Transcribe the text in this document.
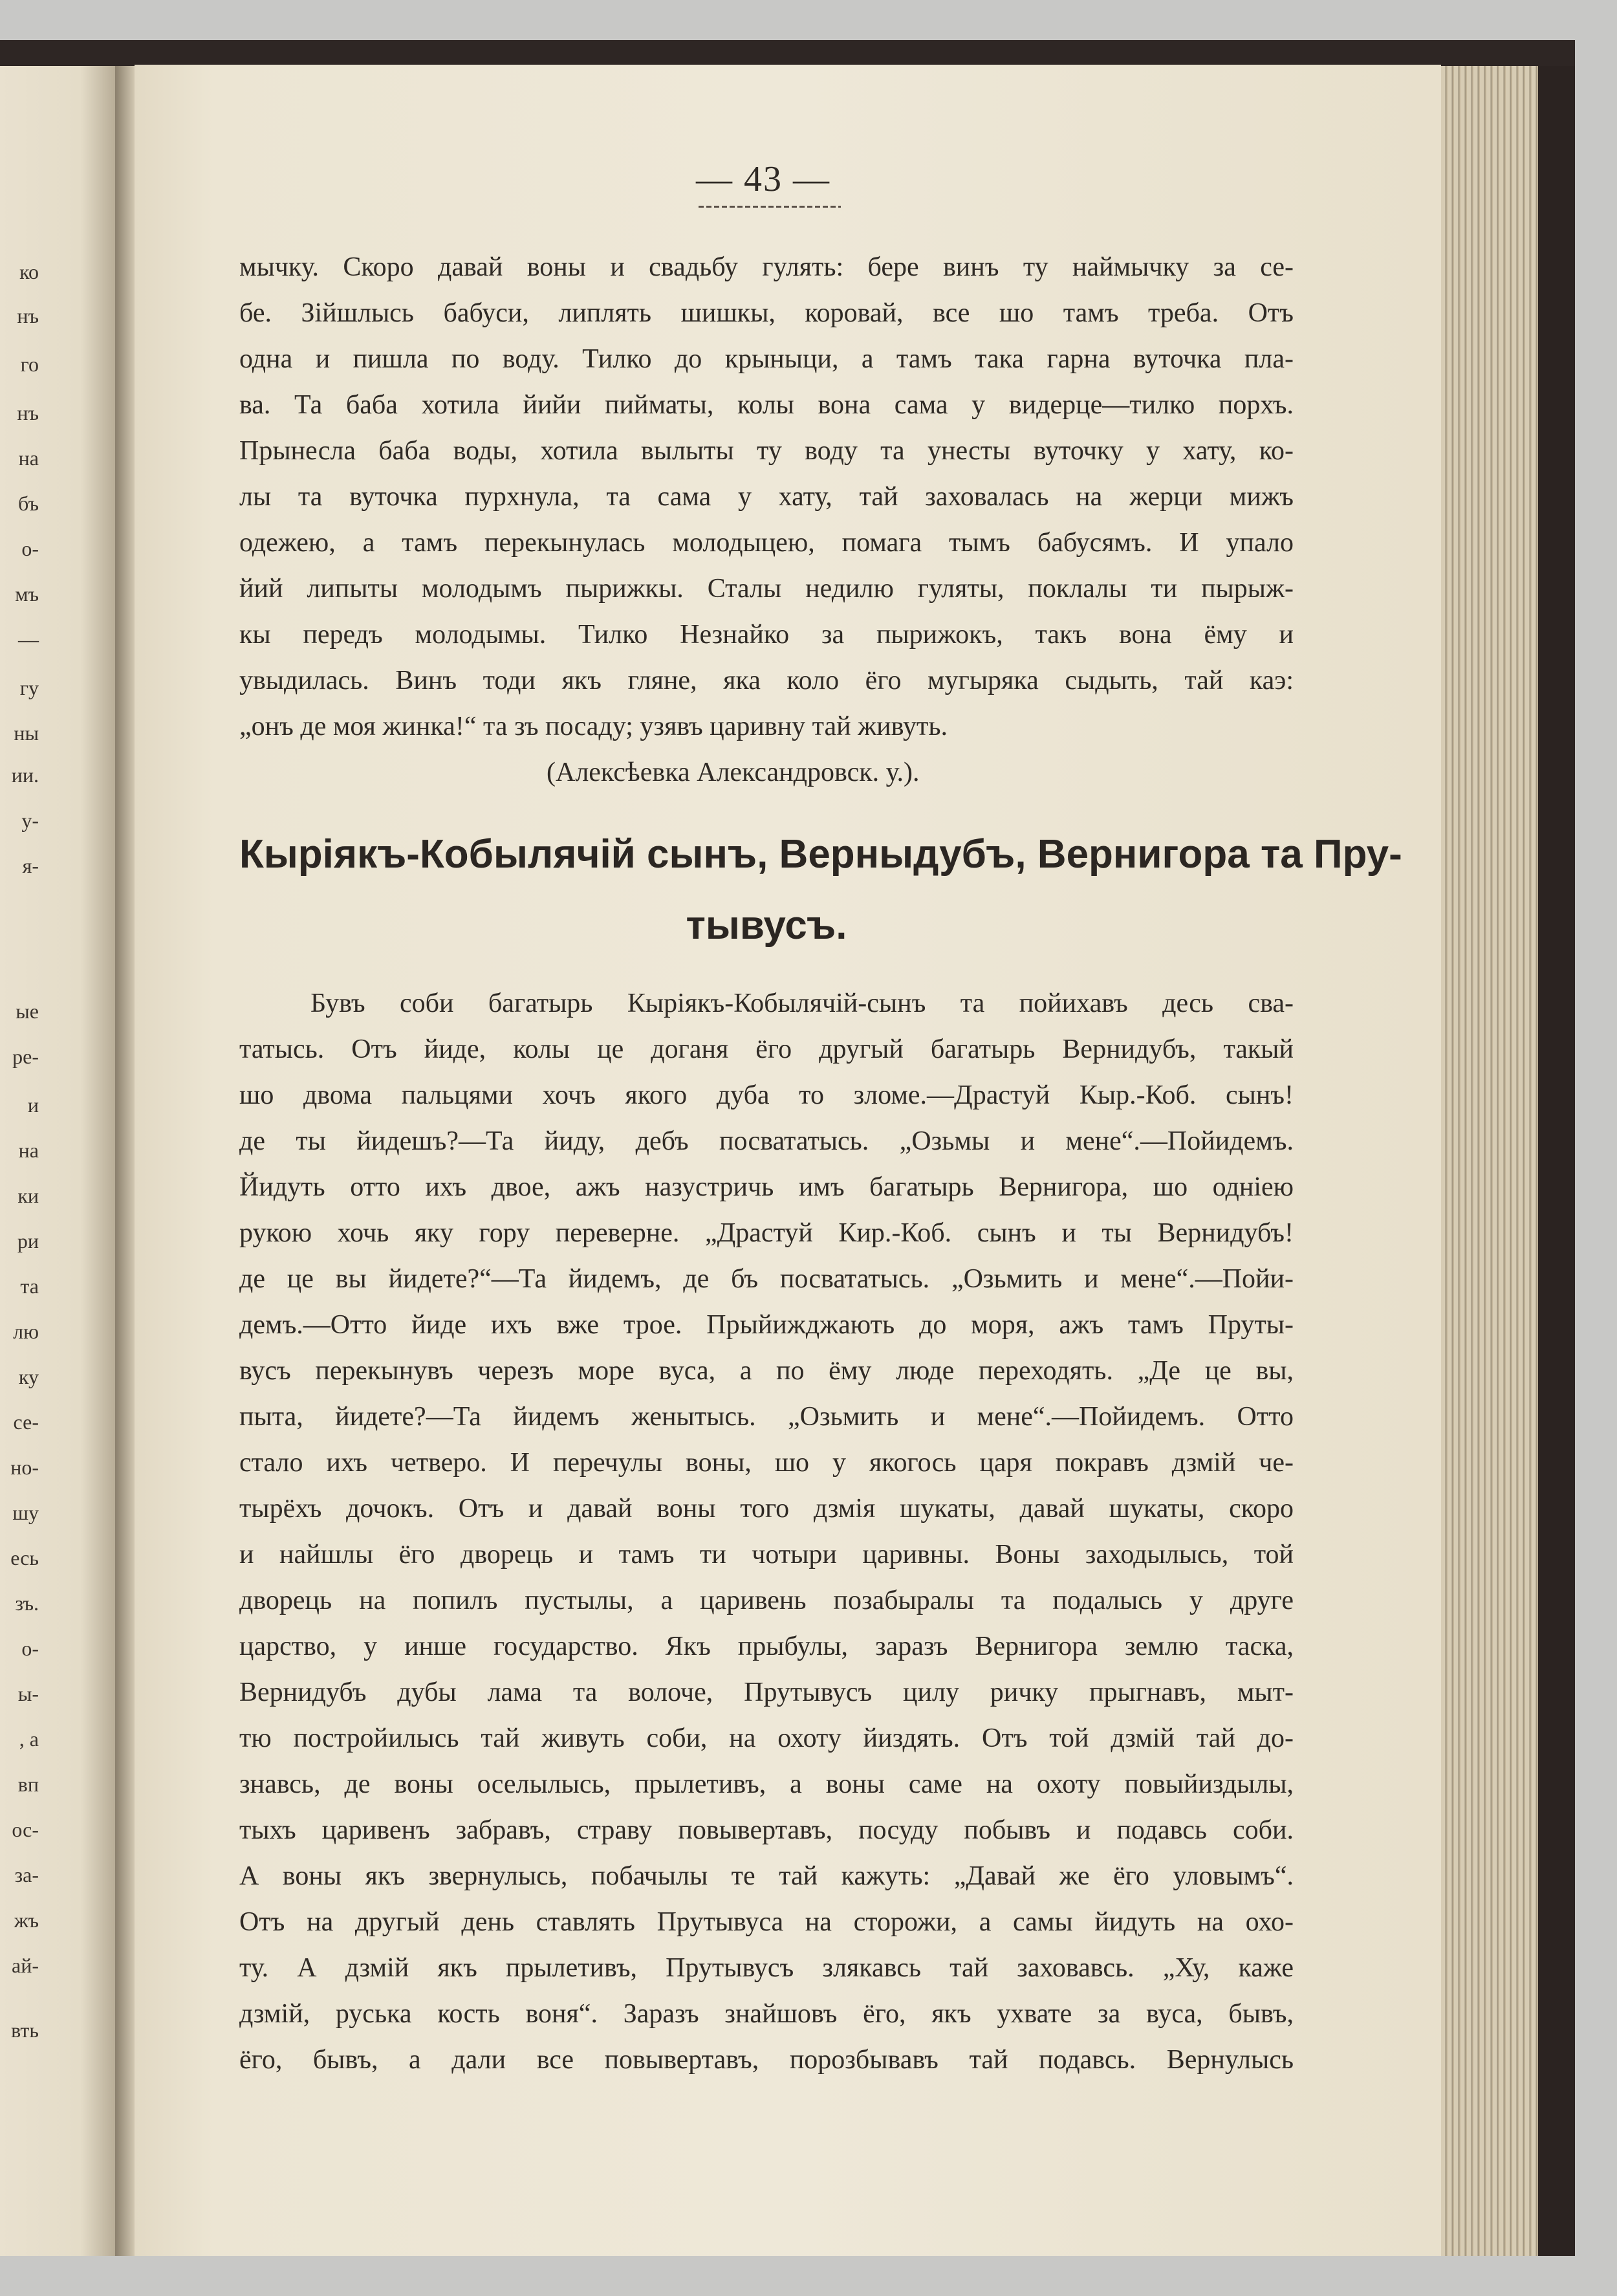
ко
нъ
го
нъ
на
бъ
о-
мъ
—
гу
ны
ии.
у-
я-
ые
ре-
и
на
ки
ри
та
лю
ку
се-
но-
шу
есь
зъ.
о-
ы-
, а
вп
ос-
за-
жъ
ай-
вть
— 43 —
мычку. Скоро давай воны и свадьбу гулять: бере винъ ту наймычку за се-
бе. Зійшлысь бабуси, липлять шишкы, коровай, все шо тамъ треба. Отъ
одна и пишла по воду. Тилко до крыныци, а тамъ така гарна вуточка пла-
ва. Та баба хотила йийи пийматы, колы вона сама у видерце—тилко порхъ.
Прынесла баба воды, хотила вылыты ту воду та унесты вуточку у хату, ко-
лы та вуточка пурхнула, та сама у хату, тай заховалась на жерци мижъ
одежею, а тамъ перекынулась молодыцею, помага тымъ бабусямъ. И упало
йий липыты молодымъ пырижкы. Сталы недилю гуляты, поклалы ти пырыж-
кы передъ молодымы. Тилко Незнайко за пырижокъ, такъ вона ёму и
увыдилась. Винъ тоди якъ гляне, яка коло ёго мугыряка сыдыть, тай каэ:
„онъ де моя жинка!“ та зъ посаду; узявъ царивну тай живуть.
(Алексѣевка Александровск. у.).
Кыріякъ-Кобылячій сынъ, Верныдубъ, Вернигора та Пру-
тывусъ.
Бувъ соби багатырь Кыріякъ-Кобылячій-сынъ та пойихавъ десь сва-
татысь. Отъ йиде, колы це доганя ёго другый багатырь Вернидубъ, такый
шо двома пальцями хочъ якого дуба то зломе.—Драстуй Кыр.-Коб. сынъ!
де ты йидешъ?—Та йиду, дебъ посвататысь. „Озьмы и мене“.—Пойидемъ.
Йидуть отто ихъ двое, ажъ назустричь имъ багатырь Вернигора, шо одніею
рукою хочь яку гору переверне. „Драстуй Кир.-Коб. сынъ и ты Вернидубъ!
де це вы йидете?“—Та йидемъ, де бъ посвататысь. „Озьмить и мене“.—Пойи-
демъ.—Отто йиде ихъ вже трое. Прыйижджають до моря, ажъ тамъ Пруты-
вусъ перекынувъ черезъ море вуса, а по ёму люде переходять. „Де це вы,
пыта, йидете?—Та йидемъ женытысь. „Озьмить и мене“.—Пойидемъ. Отто
стало ихъ четверо. И перечулы воны, шо у якогось царя покравъ дзмій че-
тырёхъ дочокъ. Отъ и давай воны того дзмія шукаты, давай шукаты, скоро
и найшлы ёго дворець и тамъ ти чотыри царивны. Воны заходылысь, той
дворець на попилъ пустылы, а царивень позабыралы та подалысь у друге
царство, у инше государство. Якъ прыбулы, заразъ Вернигора землю таска,
Вернидубъ дубы лама та волоче, Прутывусъ цилу ричку прыгнавъ, мыт-
тю постройилысь тай живуть соби, на охоту йиздять. Отъ той дзмій тай до-
знавсь, де воны оселылысь, прылетивъ, а воны саме на охоту повыйиздылы,
тыхъ царивенъ забравъ, страву повывертавъ, посуду побывъ и подавсь соби.
А воны якъ звернулысь, побачылы те тай кажуть: „Давай же ёго уловымъ“.
Отъ на другый день ставлять Прутывуса на сторожи, а самы йидуть на охо-
ту. А дзмій якъ прылетивъ, Прутывусъ злякавсь тай заховавсь. „Ху, каже
дзмій, руська кость воня“. Заразъ знайшовъ ёго, якъ ухвате за вуса, бывъ,
ёго, бывъ, а дали все повывертавъ, порозбывавъ тай подавсь. Вернулысь
